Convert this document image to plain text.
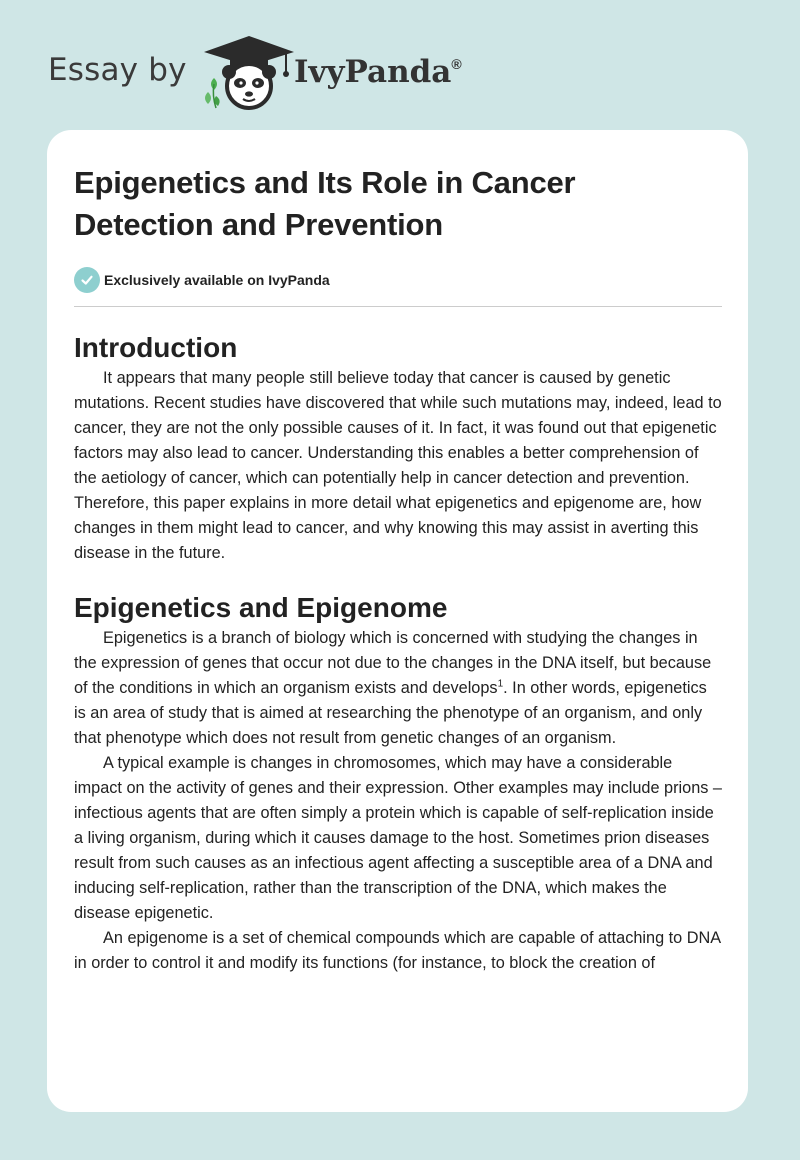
Essay by	IvyPanda®
Epigenetics and Its Role in Cancer Detection and Prevention
Exclusively available on IvyPanda
Introduction

It appears that many people still believe today that cancer is caused by genetic mutations. Recent studies have discovered that while such mutations may, indeed, lead to cancer, they are not the only possible causes of it. In fact, it was found out that epigenetic factors may also lead to cancer. Understanding this enables a better comprehension of the aetiology of cancer, which can potentially help in cancer detection and prevention. Therefore, this paper explains in more detail what epigenetics and epigenome are, how changes in them might lead to cancer, and why knowing this may assist in averting this disease in the future.

Epigenetics and Epigenome

Epigenetics is a branch of biology which is concerned with studying the changes in the expression of genes that occur not due to the changes in the DNA itself, but because of the conditions in which an organism exists and develops$^1$. In other words, epigenetics is an area of study that is aimed at researching the phenotype of an organism, and only that phenotype which does not result from genetic changes of an organism.

A typical example is changes in chromosomes, which may have a considerable impact on the activity of genes and their expression. Other examples may include prions – infectious agents that are often simply a protein which is capable of self-replication inside a living organism, during which it causes damage to the host. Sometimes prion diseases result from such causes as an infectious agent affecting a susceptible area of a DNA and inducing self-replication, rather than the transcription of the DNA, which makes the disease epigenetic.

An epigenome is a set of chemical compounds which are capable of attaching to DNA in order to control it and modify its functions (for instance, to block the creation of
